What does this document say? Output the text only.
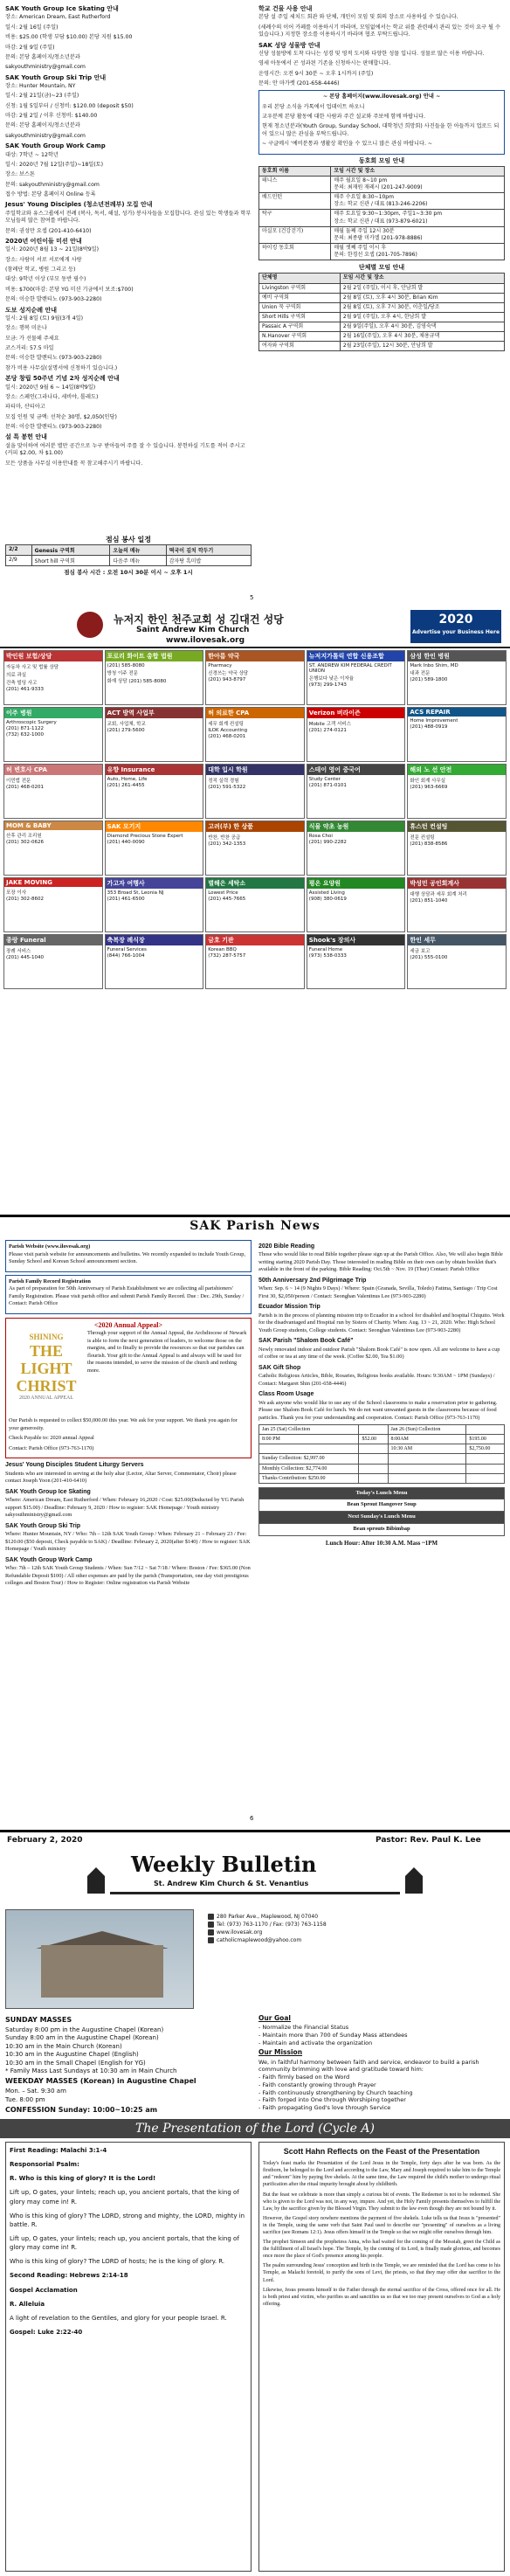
SAK Youth Group Ice Skating 안내

장소: American Dream, East Rutherford

일시: 2월 16일 (주일)

비용: $25.00 (학생 부담 $10.00) 본당 지원 $15.00

마감: 2월 9일 (주일)

문의: 본당 홈페이지/청소년분과

sakyouthministry@gmail.com

SAK Youth Group Ski Trip 안내

장소: Hunter Mountain, NY

일시: 2월 21일(금)~23 (주일)

신청: 1월 5일부터 / 신청비: $120.00 (deposit $50)

마감: 2월 2일 / 이후 신청비: $140.00

문의: 본당 홈페이지/청소년분과

sakyouthministry@gmail.com

SAK Youth Group Work Camp

대상: 7학년 ~ 12학년

일시: 2020년 7월 12일(주일)~18일(토)

장소: 보스톤

문의: sakyouthministry@gmail.com

접수 방법: 본당 홈페이지 Online 등록

Jesus' Young Disciples (청소년전례부) 모집 안내

주일학교와 유스그룹에서 전례 (복사, 독서, 해설, 성가) 봉사자들을 모집합니다. 관심 있는 학생들과 학부모님들의 많은 참여를 바랍니다.

문의: 권성만 요셉 (201-410-6410)

2020년 어린이들 미션 안내

일시: 2020년 8월 13 ~ 21일(8박9일)

장소: 사람이 서로 서로에게 사랑

(참례단 학교, 병원 그리고 등)

대상: 9학년 이상 (부모 동반 필수)

비용: $700(마감: 본당 YG 미션 기금에서 보조:$700)

문의: 이승한 발렌티노 (973-903-2280)

도보 성지순례 안내

일시: 2월 8일 (토) 9월(3개 4일)

장소: 행복 미운나

모금: 가 선물해 주세요

코스거리: 57.5 마일

문의: 이승한 발렌티노 (973-903-2280)

참가 비용 사무실(설명서에 신청하기 있습니다.)

본당 창립 50주년 기념 2차 성지순례 안내

일시: 2020년 9월 6 ~ 14일(8박9일)

장소: 스페인(그라나다, 세비야, 톨레도)

파티마, 산티아고

모집 인원 및 금액: 선착순 30명, $2,050(인당)

문의: 이승한 발렌티노 (973-903-2280)

설 특 봉헌 안내

설을 맞이하여 여러분 별만 공간으로 누구 받아들여 주를 잘 수 있습니다. 봉헌하실 기도를 적어 주시고 (커피 $2.00, 차 $1.00)

모든 상품을 사무실 이용안내를 꼭 참고해주시기 바랍니다.

학교 건물 사용 안내

본당 설 주일 세치드 회관 와 단체, 개인이 모임 및 회의 장소로 사용하실 수 있습니다.

(세례수의 이어 카페를 이용하시기 바라며, 모임없에서는 학교 위를 관련해서 관리 있는 것이 요구 될 수 있습니다.) 지정한 장소를 이용하시기 바라며 협조 부탁드립니다.

SAK 성당 성물방 안내

신당 성물방에 도착 다니는 성경 및 영적 도서와 다양한 성물 입니다. 성물로 많은 이용 바랍니다.

영세 아동에서 곤 성과된 기존을 신청하시는 판매합니다.

운영시간: 오전 9시 30분 ~ 오후 1시까지 (주일)

문의: 안 마가렛 (201-658-4446)

~ 본당 홈페이지(www.ilovesak.org) 안내 ~

우리 본당 소식을 카톡에서 업데이트 하오니

교우분께 본당 활동에 대한 사람과 주간 설교와 주보에 함께 바랍니다.

현재 청소년분과(Youth Group, Sunday School, 대학청년 희망회) 사진들을 한 아들까지 업로드 되어 있으니 많은 관심을 부탁드립니다.

~ 구글메시 '예비분통과 생활상 확인을 수 있으니 많은 관심 바랍니다. ~

동호회 모임 안내
동호회 이름	모임 시간 및 장소
테니스	매주 월요일 8~10 pm
문의: 최재원 재레시 (201-247-9009)

배드민턴	매주 수요일 8:30~10pm
장소: 학교 신관 / 대표 (813-246-2206)

탁구	매주 토요일 9:30~1:30pm, 주일1~3:30 pm
장소: 학교 신관 / 대표 (973-879-6021)

마실모 (건강걷기)	매월 둘째 주일 12시 30분
문의: 최종팔 미카엘 (201-978-8886)

하이킹 동호회	매월 셋째 주일 이시 후
문의: 한경선 요셉 (201-705-7896)
단체별 모임 안내
단체명	모임 시간 및 장소
Livingston 구역회	2월 2일 (주일), 이시 후, 안남희 발
예비 구역회	2월 8일 (토), 오후 4시 30분, Brian Kim
Union 묵 구역회	2월 8일 (토), 오후 7시 30분, 이춘일/당조
Short Hills 구역회	2월 9일 (주일), 오후 4시, 한남희 발
Passaic A 구역회	2월 9일(주일), 오후 4시 30분, 김영숙댁
N.Hanover 구역회	2월 16일(주일), 오후 4시 30분, 채용규댁
여자와 구역회	2월 23일(주일), 12시 30분, 안남희 발
점심 봉사 일정
2/2	Genesis 구역회	오늘의 메뉴	떡국이 김치 깍두기
2/9	Short hill 구역회	다음주 메뉴	감자탕 흑미밥
점심 봉사 시간 : 오전 10시 30분 이시 ~ 오후 1시
5
뉴저지 한인 천주교회 성 김대건 성당
Saint Andrew Kim Church
www.ilovesak.org
2020
Advertise your Business Here
박인원 보험/상담
자동차 사고 및 법률 상담
의료 과실
건축 빌딩 사고
(201) 461-9333
포로리 화이트 총합 법원
(201) 585-8080
방청 이주 전문
화재 상담 (201) 585-8080
한아름 약국
Pharmacy
신경쓰는 약국 상담
(201) 943-8797
뉴저지가톨릭 연합 신용조합
ST. ANDREW KIM FEDERAL CREDIT UNION
은행보다 낮은 이자율
(973) 299-1743
삼성 한인 병원
Mark Inbo Shim, MD
내과 전문
(201) 589-1800
이주 병원
Arthroscopic Surgery
(201) 871-1122
(732) 632-1000
ACT 방역 사업부
교회, 사업체, 학교
(201) 279-5600
허 의료한 CPA
세무 회계 컨설팅
ILOK Accounting
(201) 468-0201
Verizon 버라이즌
Mobile 고객 서비스
(201) 274-0121
ACS REPAIR
Home Improvement
(201) 488-0919
허 변호사 CPA
이민법 전문
(201) 468-0201
유향 Insurance
Auto, Home, Life
(201) 261-4455
대학 입시 학원
정직 실력 경험
(201) 591-5322
스테이 영어 중국어
Study Center
(201) 871-0101
해외 노 선 안전
화인 회계 사무실
(201) 963-6669
MOM & BABY
산후 관리 조리원
(201) 302-0626
SAK 모기지
Diamond Precious Stone Expert
(201) 440-0090
고려(부) 한 상품
반찬, 반찬 공급
(201) 342-1353
식물 약초 농원
Rosa Choi
(201) 990-2282
휴스턴 컨설팅
전문 컨설팅
(201) 838-8586
JAKE MOVING
포장 이사
(201) 302-8602
가고자 여행사
353 Broad St, Leonia NJ
(201) 461-6500
별해은 세탁소
Lowest Price
(201) 445-7665
평온 요양원
Assisted Living
(908) 380-0619
박성민 공인회계사
대행 상담과 세무 회계 처리
(201) 851-1040
종랑 Funeral
장례 서비스
(201) 445-1040
축복장 례식장
Funeral Services
(844) 766-1004
금호 기관
Korean BBQ
(732) 287-5757
Shook's 장의사
Funeral Home
(973) 538-0333
한인 세무
세금 보고
(201) 555-0100
SAK Parish News
Parish Website (www.ilovesak.org)

Please visit parish website for announcements and bulletins. We recently expanded to include Youth Group, Sunday School and Korean School announcement section.

Parish Family Record Registration

As part of preparation for 50th Anniversary of Parish Establishment we are collecting all parishioners' Family Registration. Please visit parish office and submit Parish Family Record. Due : Dec. 29th, Sunday / Contact: Parish Office

<2020 Annual Appeal>
SHINING
THE LIGHT CHRIST
2020 ANNUAL APPEAL

Through your support of the Annual Appeal, the Archdiocese of Newark is able to form the next generation of leaders, to welcome those on the margins, and to finally to provide the resources so that our parishes can flourish. Your gift to the Annual Appeal is and always will be used for the reasons intended, to serve the mission of the church and nothing more.

Our Parish is requested to collect $50,000.00 this year. We ask for your support. We thank you again for your generosity.

Check Payable to: 2020 annual Appeal

Contact: Parish Office (973-763-1170)

Jesus' Young Disciples Student Liturgy Servers

Students who are interested in serving at the holy altar (Lector, Altar Server, Commentator, Choir) please contact Joseph Yoon (201-410-6410)

SAK Youth Group Ice Skating

Where: American Dream, East Rutherford / When: February 16,2020 / Cost: $25.00(Deducted by YG Parish support $15.00) / Deadline: February 9, 2020 / How to register: SAK Homepage / Youth ministry sakyouthministry@gmail.com

SAK Youth Group Ski Trip

Where: Hunter Mountain, NY / Who: 7th – 12th SAK Youth Group / When: February 21 – February 23 / Fee: $120.00 ($50 deposit, Check payable to SAK) / Deadline: February 2, 2020(after $140) / How to register: SAK Homepage / Youth ministry

SAK Youth Group Work Camp

Who: 7th – 12th SAK Youth Group Students / When: Sun 7/12 ~ Sat 7/18 / Where: Boston / Fee: $365.00 (Non Refundable Deposit $100) / All other expenses are paid by the parish (Transportation, one day visit prestigious colleges and Boston Tour) / How to Register: Online registration via Parish Website

2020 Bible Reading

Those who would like to read Bible together please sign up at the Parish Office. Also, We will also begin Bible writing starting 2020 Parish Day. Those interested in reading Bible on their own can by obtain booklet that's available in the front of the parking. Bible Reading: Oct.5th ~ Nov. 19 (Thur) Contact: Parish Office

50th Anniversary 2nd Pilgrimage Trip

When: Sep. 6 ~ 14 (9 Nights 9 Days) / Where: Spain (Granada, Sevilla, Toledo) Fatima, Santiago / Trip Cost First 30, $2,050/person / Contact: Seonghan Valentinus Lee (973-903-2280)

Ecuador Mission Trip

Parish is in the process of planning mission trip to Ecuador in a school for disabled and hospital Chiquito. Work for the disadvantaged and Hospital run by Sisters of Charity. When: Aug. 13 ~ 21, 2020. Who: High School Youth Group students, College students. Contact: Seonghan Valentinus Lee (973-903-2280)

SAK Parish "Shalom Book Café"

Newly renovated indoor and outdoor Parish "Shalom Book Café" is now open. All are welcome to have a cup of coffee or tea at any time of the week. (Coffee $2.00, Tea $1.00)

SAK Gift Shop

Catholic Religious Articles, Bible, Rosaries, Religious books available. Hours: 9:30AM ~ 1PM (Sundays) / Contact: Margaret Shin (201-658-4446)

Class Room Usage

We ask anyone who would like to use any of the School classrooms to make a reservation prior to gathering. Please use Shalom Book Café for lunch. We do not want unwanted guests in the classrooms because of food particles. Thank you for your understanding and cooperation. Contact: Parish Office (973-763-1170)

Jan 25 (Sat) Collection		Jan 26 (Sun) Collection	
8:00 PM	$52.00	8:00AM	$195.00
		10:30 AM	$2,750.00
Sunday Collection: $2,997.00			
Monthly Collection: $2,774.00			
Thanks Contribution: $250.00			
Today's Lunch Menu
Bean Sprout Hangover Soup
Next Sunday's Lunch Menu
Bean sprouts Bibimbap
Lunch Hour: After 10:30 A.M. Mass ~1PM
6
February 2, 2020	Pastor: Rev. Paul K. Lee
Weekly Bulletin
St. Andrew Kim Church & St. Venantius
280 Parker Ave., Maplewood, NJ 07040
Tel: (973) 763-1170 / Fax: (973) 763-1158
www.ilovesak.org
catholicmaplewood@yahoo.com
SUNDAY MASSES
Saturday 8:00 pm in the Augustine Chapel (Korean)
Sunday 8:00 am in the Augustine Chapel (Korean)
10:30 am in the Main Church (Korean)
10:30 am in the Augustine Chapel (English)
10:30 am in the Small Chapel (English for YG)
* Family Mass Last Sundays at 10:30 am in Main Church
WEEKDAY MASSES (Korean) in Augustine Chapel
Mon. – Sat. 9:30 am
Tue. 8:00 pm
CONFESSION Sunday: 10:00~10:25 am
Our Goal
- Normalize the Financial Status
- Maintain more than 700 of Sunday Mass attendees
- Maintain and activate the organization
Our Mission
We, in faithful harmony between faith and service, endeavor to build a parish community brimming with love and gratitude toward him:
- Faith firmly based on the Word
- Faith constantly growing through Prayer
- Faith continuously strengthening by Church teaching
- Faith forged into One through Worshiping together
- Faith propagating God's love through Service
The Presentation of the Lord (Cycle A)

First Reading: Malachi 3:1-4

Responsorial Psalm:

R. Who is this king of glory? It is the Lord!

Lift up, O gates, your lintels; reach up, you ancient portals, that the king of glory may come in! R.

Who is this king of glory? The LORD, strong and mighty, the LORD, mighty in battle. R.

Lift up, O gates, your lintels; reach up, you ancient portals, that the king of glory may come in! R.

Who is this king of glory? The LORD of hosts; he is the king of glory. R.

Second Reading: Hebrews 2:14-18

Gospel Acclamation

R. Alleluia

A light of revelation to the Gentiles, and glory for your people Israel. R.

Gospel: Luke 2:22-40

Scott Hahn Reflects on the Feast of the Presentation

Today's feast marks the Presentation of the Lord Jesus in the Temple, forty days after he was born. As the firstborn, he belonged to the Lord and according to the Law, Mary and Joseph required to take him to the Temple and "redeem" him by paying five shekels. At the same time, the Law required the child's mother to undergo ritual purification after the ritual impurity brought about by childbirth.

But the feast we celebrate is more than simply a curious bit of events. The Redeemer is not to be redeemed. She who is given to the Lord was not, in any way, impure. And yet, the Holy Family presents themselves to fulfill the Law, by the sacrifice given by the Blessed Virgin. They submit to the law even though they are not bound by it.

However, the Gospel story nowhere mentions the payment of five shekels. Luke tells us that Jesus is "presented" in the Temple, using the same verb that Saint Paul used to describe our "presenting" of ourselves as a living sacrifice (see Romans 12:1). Jesus offers himself in the Temple so that we might offer ourselves through him.

The prophet Simeon and the prophetess Anna, who had waited for the coming of the Messiah, greet the Child as the fulfillment of all Israel's hope. The Temple, by the coming of its Lord, is finally made glorious, and becomes once more the place of God's presence among his people.

The psalm surrounding Jesus' conception and birth in the Temple, we are reminded that the Lord has come to his Temple, as Malachi foretold, to purify the sons of Levi, the priests, so that they may offer due sacrifice to the Lord.

Likewise, Jesus presents himself to the Father through the eternal sacrifice of the Cross, offered once for all. He is both priest and victim, who purifies us and sanctifies us so that we too may present ourselves to God as a holy offering.
